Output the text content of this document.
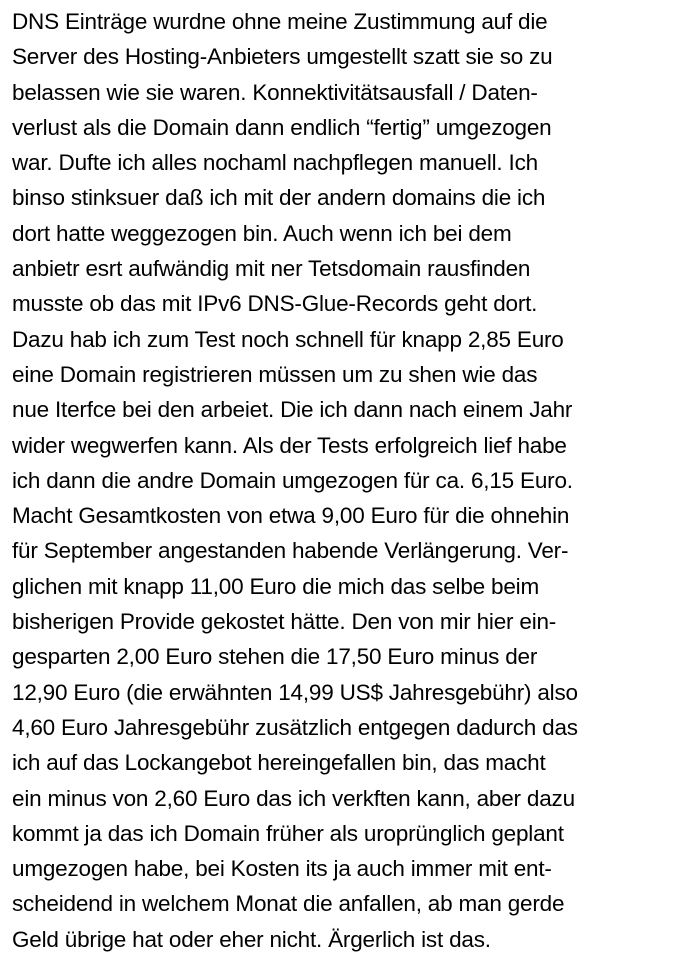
DNS Einträge wurdne ohne meine Zustimmung auf die
Server des Hosting-Anbieters umgestellt szatt sie so zu
belassen wie sie waren. Konnektivitätsausfall / Daten-
verlust als die Domain dann endlich “fertig” umgezogen
war. Dufte ich alles nochaml nachpflegen manuell. Ich
binso stinksuer daß ich mit der andern domains die ich
dort hatte weggezogen bin. Auch wenn ich bei dem
anbietr esrt aufwändig mit ner Tetsdomain rausfinden
musste ob das mit IPv6 DNS-Glue-Records geht dort.
Dazu hab ich zum Test noch schnell für knapp 2,85 Euro
eine Domain registrieren müssen um zu shen wie das
nue Iterfce bei den arbeiet. Die ich dann nach einem Jahr
wider wegwerfen kann. Als der Tests erfolgreich lief habe
ich dann die andre Domain umgezogen für ca. 6,15 Euro.
Macht Gesamtkosten von etwa 9,00 Euro für die ohnehin
für September angestanden habende Verlängerung. Ver-
glichen mit knapp 11,00 Euro die mich das selbe beim
bisherigen Provide gekostet hätte. Den von mir hier ein-
gesparten 2,00 Euro stehen die 17,50 Euro minus der
12,90 Euro (die erwähnten 14,99 US$ Jahresgebühr) also
4,60 Euro Jahresgebühr zusätzlich entgegen dadurch das
ich auf das Lockangebot hereingefallen bin, das macht
ein minus von 2,60 Euro das ich verkften kann, aber dazu
kommt ja das ich Domain früher als uroprünglich geplant
umgezogen habe, bei Kosten its ja auch immer mit ent-
scheidend in welchem Monat die anfallen, ab man gerde
Geld übrige hat oder eher nicht. Ärgerlich ist das.
